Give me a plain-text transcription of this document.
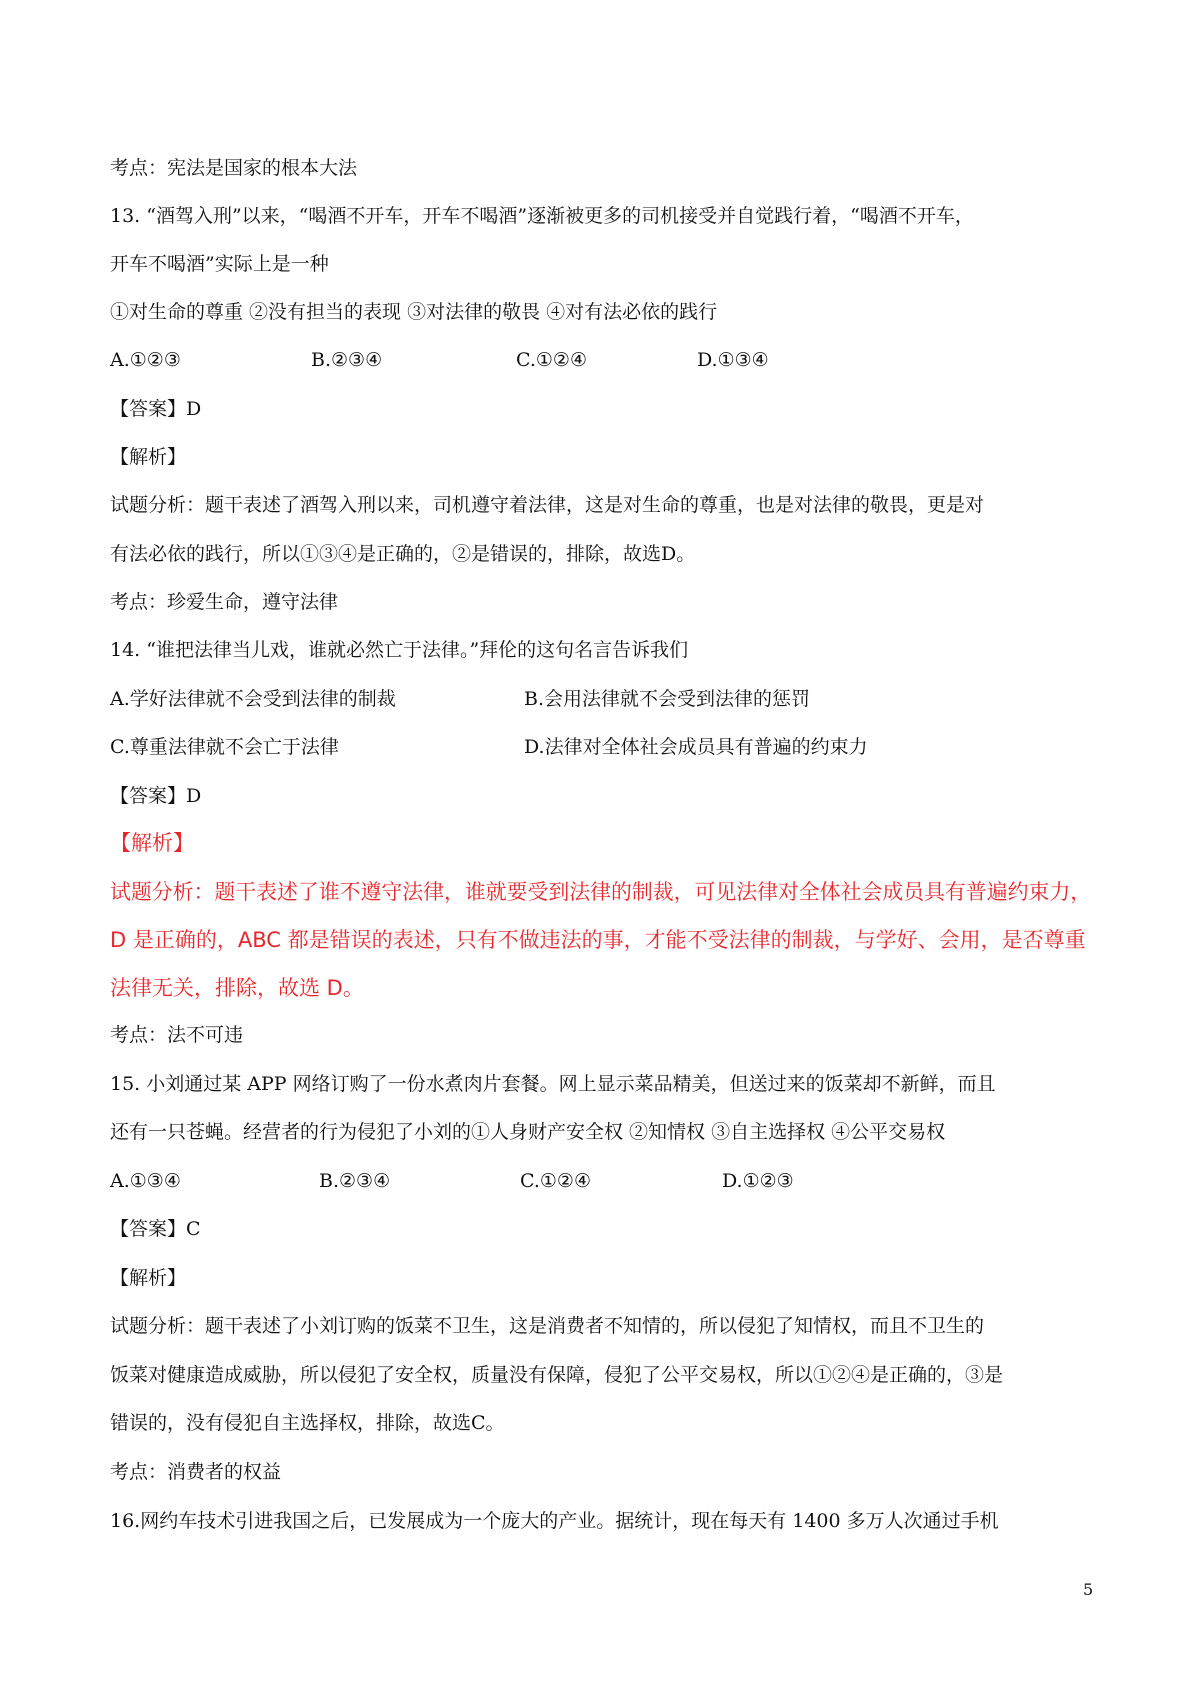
考点：宪法是国家的根本大法
13. “酒驾入刑”以来，“喝酒不开车，开车不喝酒”逐渐被更多的司机接受并自觉践行着，“喝酒不开车，
开车不喝酒”实际上是一种
①对生命的尊重 ②没有担当的表现 ③对法律的敬畏 ④对有法必依的践行
A.①②③	B.②③④	C.①②④	D.①③④
【答案】D
【解析】
试题分析：题干表述了酒驾入刑以来，司机遵守着法律，这是对生命的尊重，也是对法律的敬畏，更是对
有法必依的践行，所以①③④是正确的，②是错误的，排除，故选D。
考点：珍爱生命，遵守法律
14. “谁把法律当儿戏，谁就必然亡于法律。”拜伦的这句名言告诉我们
A.学好法律就不会受到法律的制裁	B.会用法律就不会受到法律的惩罚
C.尊重法律就不会亡于法律	D.法律对全体社会成员具有普遍的约束力
【答案】D
【解析】
试题分析：题干表述了谁不遵守法律，谁就要受到法律的制裁，可见法律对全体社会成员具有普遍约束力，
D 是正确的，ABC 都是错误的表述，只有不做违法的事，才能不受法律的制裁，与学好、会用，是否尊重
法律无关，排除，故选 D。
考点：法不可违
15. 小刘通过某 APP 网络订购了一份水煮肉片套餐。网上显示菜品精美，但送过来的饭菜却不新鲜，而且
还有一只苍蝇。经营者的行为侵犯了小刘的①人身财产安全权 ②知情权 ③自主选择权 ④公平交易权
A.①③④	B.②③④	C.①②④	D.①②③
【答案】C
【解析】
试题分析：题干表述了小刘订购的饭菜不卫生，这是消费者不知情的，所以侵犯了知情权，而且不卫生的
饭菜对健康造成威胁，所以侵犯了安全权，质量没有保障，侵犯了公平交易权，所以①②④是正确的，③是
错误的，没有侵犯自主选择权，排除，故选C。
考点：消费者的权益
16.网约车技术引进我国之后，已发展成为一个庞大的产业。据统计，现在每天有 1400 多万人次通过手机
5
